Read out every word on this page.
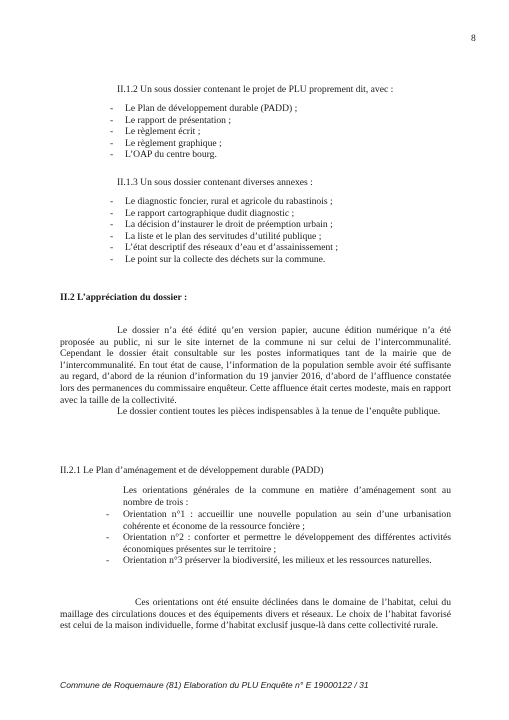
8
II.1.2 Un sous dossier contenant le projet de PLU proprement dit, avec :
- Le Plan de développement durable (PADD) ;
- Le rapport de présentation ;
- Le règlement écrit ;
- Le règlement graphique ;
- L’OAP du centre bourg.
II.1.3 Un sous dossier contenant diverses annexes :
- Le diagnostic foncier, rural et agricole du rabastinois ;
- Le rapport cartographique dudit diagnostic ;
- La décision d’instaurer le droit de préemption urbain ;
- La liste et le plan des servitudes d’utilité publique ;
- L’état descriptif des réseaux d’eau et d’assainissement ;
- Le point sur la collecte des déchets sur la commune.
II.2 L’appréciation du dossier :
Le dossier n’a été édité qu’en version papier, aucune édition numérique n’a été proposée au public, ni sur le site internet de la commune ni sur celui de l’intercommunalité. Cependant le dossier était consultable sur les postes informatiques tant de la mairie que de l’intercommunalité. En tout état de cause, l’information de la population semble avoir été suffisante au regard, d’abord de la réunion d’information du 19 janvier 2016, d’abord de l’affluence constatée lors des permanences du commissaire enquêteur. Cette affluence était certes modeste, mais en rapport avec la taille de la collectivité.
Le dossier contient toutes les pièces indispensables à la tenue de l’enquête publique.
II.2.1 Le Plan d’aménagement et de développement durable (PADD)
Les orientations générales de la commune en matière d’aménagement sont au nombre de trois :
- Orientation n°1 : accueillir une nouvelle population au sein d’une urbanisation cohérente et économe de la ressource foncière ;
- Orientation n°2 : conforter et permettre le développement des différentes activités économiques présentes sur le territoire ;
- Orientation n°3 préserver la biodiversité, les milieux et les ressources naturelles.
Ces orientations ont été ensuite déclinées dans le domaine de l’habitat, celui du maillage des circulations douces et des équipements divers et réseaux. Le choix de l’habitat favorisé est celui de la maison individuelle, forme d’habitat exclusif jusque-là dans cette collectivité rurale.
Commune de Roquemaure (81) Elaboration du PLU Enquête n° E 19000122 / 31
